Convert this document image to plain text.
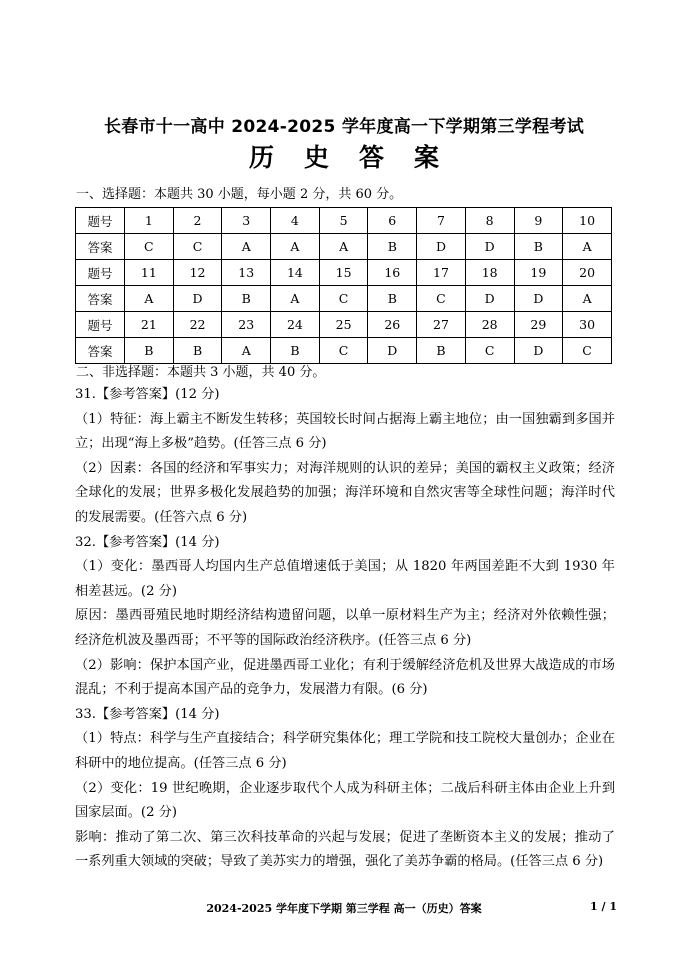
长春市十一高中 2024-2025 学年度高一下学期第三学程考试
历史答案
一、选择题：本题共 30 小题，每小题 2 分，共 60 分。
题号	1	2	3	4	5	6	7	8	9	10
答案	C	C	A	A	A	B	D	D	B	A
题号	11	12	13	14	15	16	17	18	19	20
答案	A	D	B	A	C	B	C	D	D	A
题号	21	22	23	24	25	26	27	28	29	30
答案	B	B	A	B	C	D	B	C	D	C
二、非选择题：本题共 3 小题，共 40 分。

31.【参考答案】(12 分)

（1）特征：海上霸主不断发生转移；英国较长时间占据海上霸主地位；由一国独霸到多国并立；出现“海上多极”趋势。(任答三点 6 分)

（2）因素：各国的经济和军事实力；对海洋规则的认识的差异；美国的霸权主义政策；经济全球化的发展；世界多极化发展趋势的加强；海洋环境和自然灾害等全球性问题；海洋时代的发展需要。(任答六点 6 分)

32.【参考答案】(14 分)

（1）变化：墨西哥人均国内生产总值增速低于美国；从 1820 年两国差距不大到 1930 年相差甚远。(2 分)

原因：墨西哥殖民地时期经济结构遗留问题，以单一原材料生产为主；经济对外依赖性强；经济危机波及墨西哥；不平等的国际政治经济秩序。(任答三点 6 分)

（2）影响：保护本国产业，促进墨西哥工业化；有利于缓解经济危机及世界大战造成的市场混乱；不利于提高本国产品的竞争力，发展潜力有限。(6 分)

33.【参考答案】(14 分)

（1）特点：科学与生产直接结合；科学研究集体化；理工学院和技工院校大量创办；企业在科研中的地位提高。(任答三点 6 分)

（2）变化：19 世纪晚期，企业逐步取代个人成为科研主体；二战后科研主体由企业上升到国家层面。(2 分)

影响：推动了第二次、第三次科技革命的兴起与发展；促进了垄断资本主义的发展；推动了一系列重大领域的突破；导致了美苏实力的增强，强化了美苏争霸的格局。(任答三点 6 分)

2024-2025 学年度下学期 第三学程 高一（历史）答案	1 / 1
